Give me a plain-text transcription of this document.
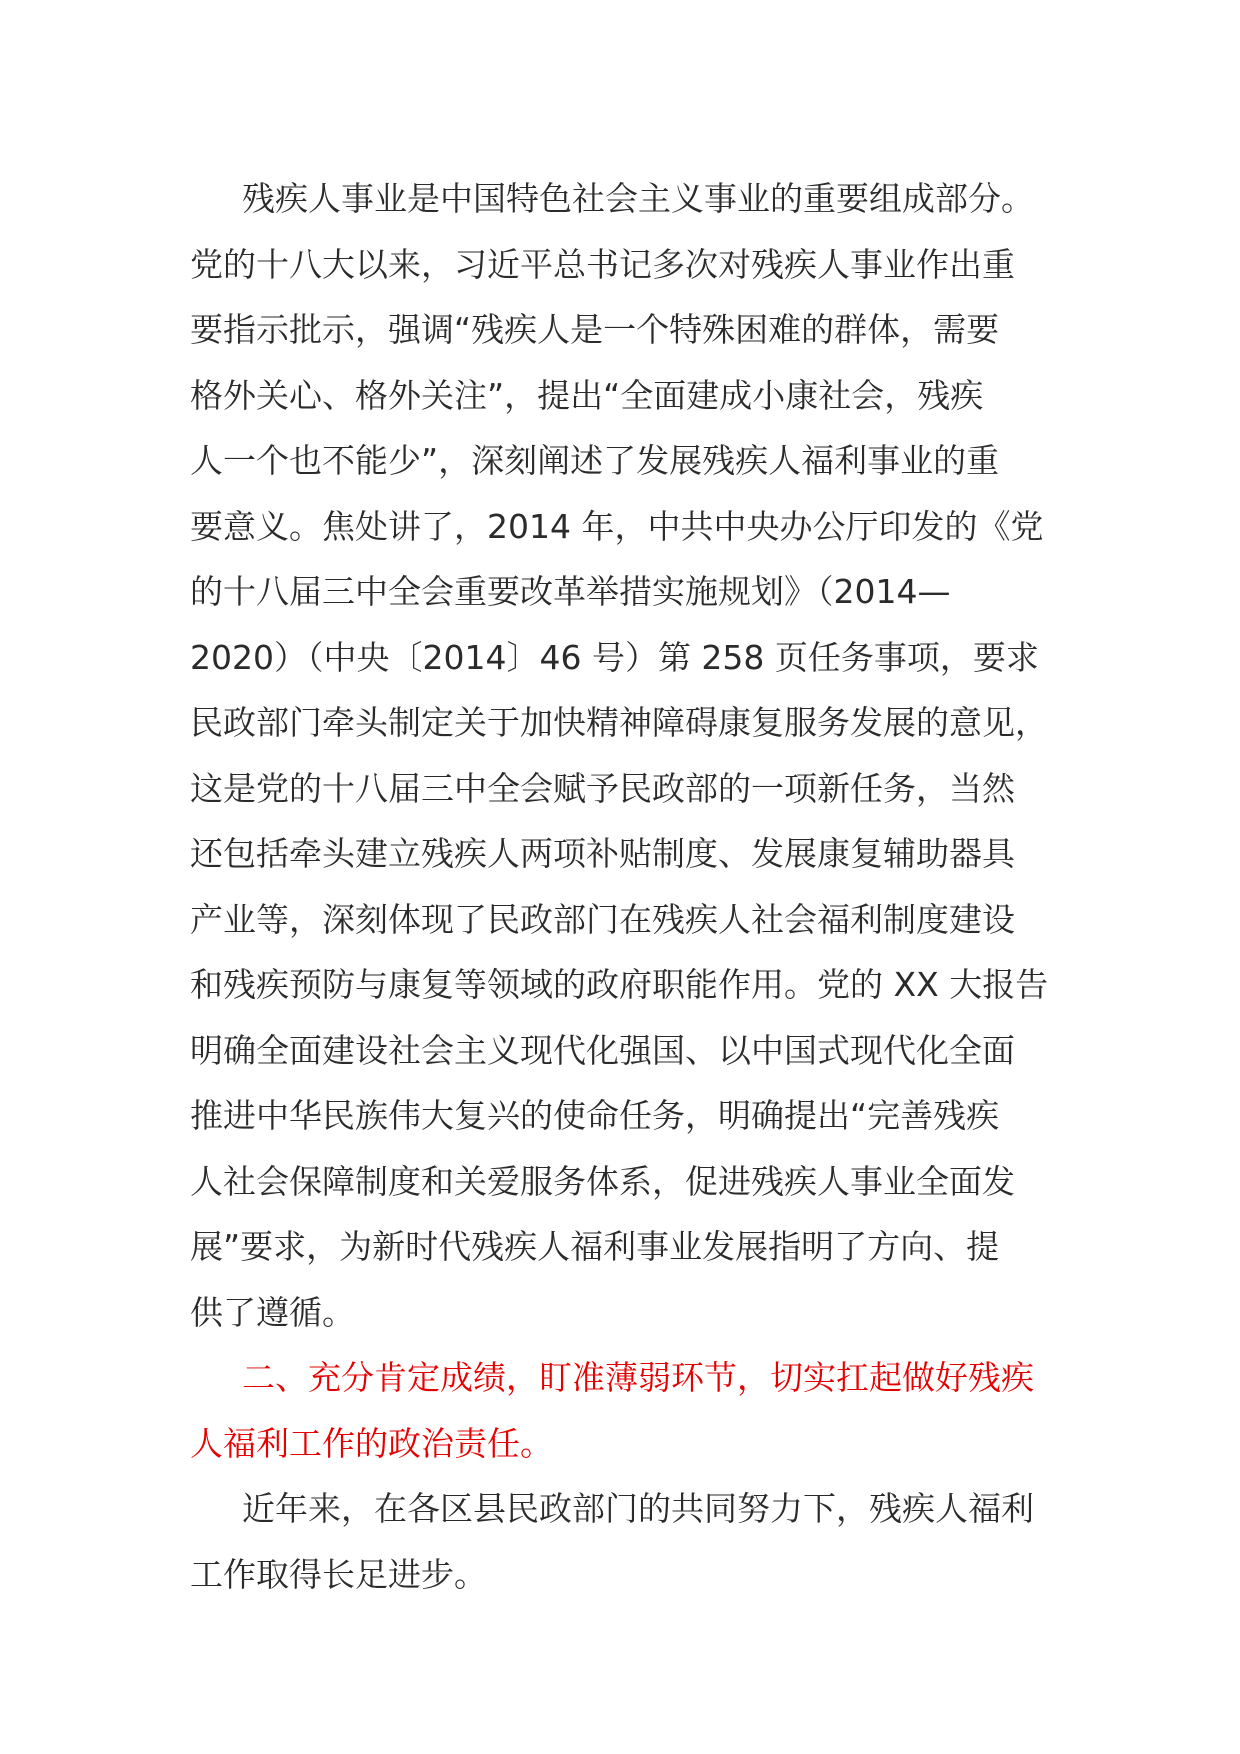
残疾人事业是中国特色社会主义事业的重要组成部分。

党的十八大以来，习近平总书记多次对残疾人事业作出重

要指示批示，强调“残疾人是一个特殊困难的群体，需要

格外关心、格外关注”，提出“全面建成小康社会，残疾

人一个也不能少”，深刻阐述了发展残疾人福利事业的重

要意义。焦处讲了，2014 年，中共中央办公厅印发的《党

的十八届三中全会重要改革举措实施规划》（2014—

2020）（中央〔2014〕46 号）第 258 页任务事项，要求

民政部门牵头制定关于加快精神障碍康复服务发展的意见，

这是党的十八届三中全会赋予民政部的一项新任务，当然

还包括牵头建立残疾人两项补贴制度、发展康复辅助器具

产业等，深刻体现了民政部门在残疾人社会福利制度建设

和残疾预防与康复等领域的政府职能作用。党的 XX 大报告

明确全面建设社会主义现代化强国、以中国式现代化全面

推进中华民族伟大复兴的使命任务，明确提出“完善残疾

人社会保障制度和关爱服务体系，促进残疾人事业全面发

展”要求，为新时代残疾人福利事业发展指明了方向、提

供了遵循。

二、充分肯定成绩，盯准薄弱环节，切实扛起做好残疾

人福利工作的政治责任。

近年来，在各区县民政部门的共同努力下，残疾人福利

工作取得长足进步。
